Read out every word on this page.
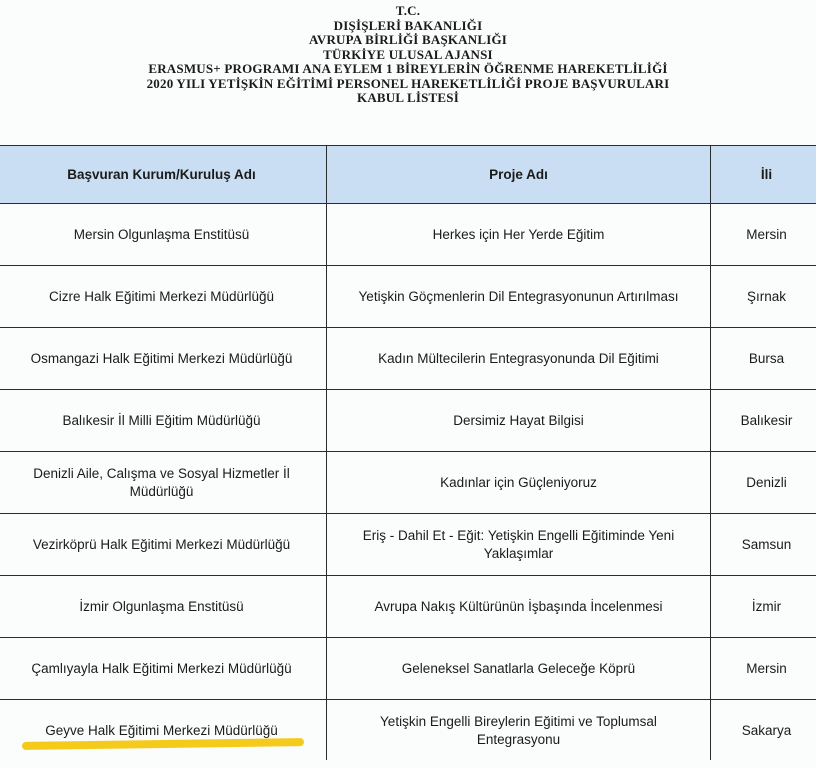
T.C.
DIŞİŞLERİ BAKANLIĞI
AVRUPA BİRLİĞİ BAŞKANLIĞI
TÜRKİYE ULUSAL AJANSI
ERASMUS+ PROGRAMI ANA EYLEM 1 BİREYLERİN ÖĞRENME HAREKETLİLİĞİ
2020 YILI YETİŞKİN EĞİTİMİ PERSONEL HAREKETLİLİĞİ PROJE BAŞVURULARI
KABUL LİSTESİ
Başvuran Kurum/Kuruluş Adı	Proje Adı	İli
Mersin Olgunlaşma Enstitüsü	Herkes için Her Yerde Eğitim	Mersin
Cizre Halk Eğitimi Merkezi Müdürlüğü	Yetişkin Göçmenlerin Dil Entegrasyonunun Artırılması	Şırnak
Osmangazi Halk Eğitimi Merkezi Müdürlüğü	Kadın Mültecilerin Entegrasyonunda Dil Eğitimi	Bursa
Balıkesir İl Milli Eğitim Müdürlüğü	Dersimiz Hayat Bilgisi	Balıkesir
Denizli Aile, Calışma ve Sosyal Hizmetler İl Müdürlüğü	Kadınlar için Güçleniyoruz	Denizli
Vezirköprü Halk Eğitimi Merkezi Müdürlüğü	Eriş - Dahil Et - Eğit: Yetişkin Engelli Eğitiminde Yeni Yaklaşımlar	Samsun
İzmir Olgunlaşma Enstitüsü	Avrupa Nakış Kültürünün İşbaşında İncelenmesi	İzmir
Çamlıyayla Halk Eğitimi Merkezi Müdürlüğü	Geleneksel Sanatlarla Geleceğe Köprü	Mersin
Geyve Halk Eğitimi Merkezi Müdürlüğü	Yetişkin Engelli Bireylerin Eğitimi ve Toplumsal Entegrasyonu	Sakarya
